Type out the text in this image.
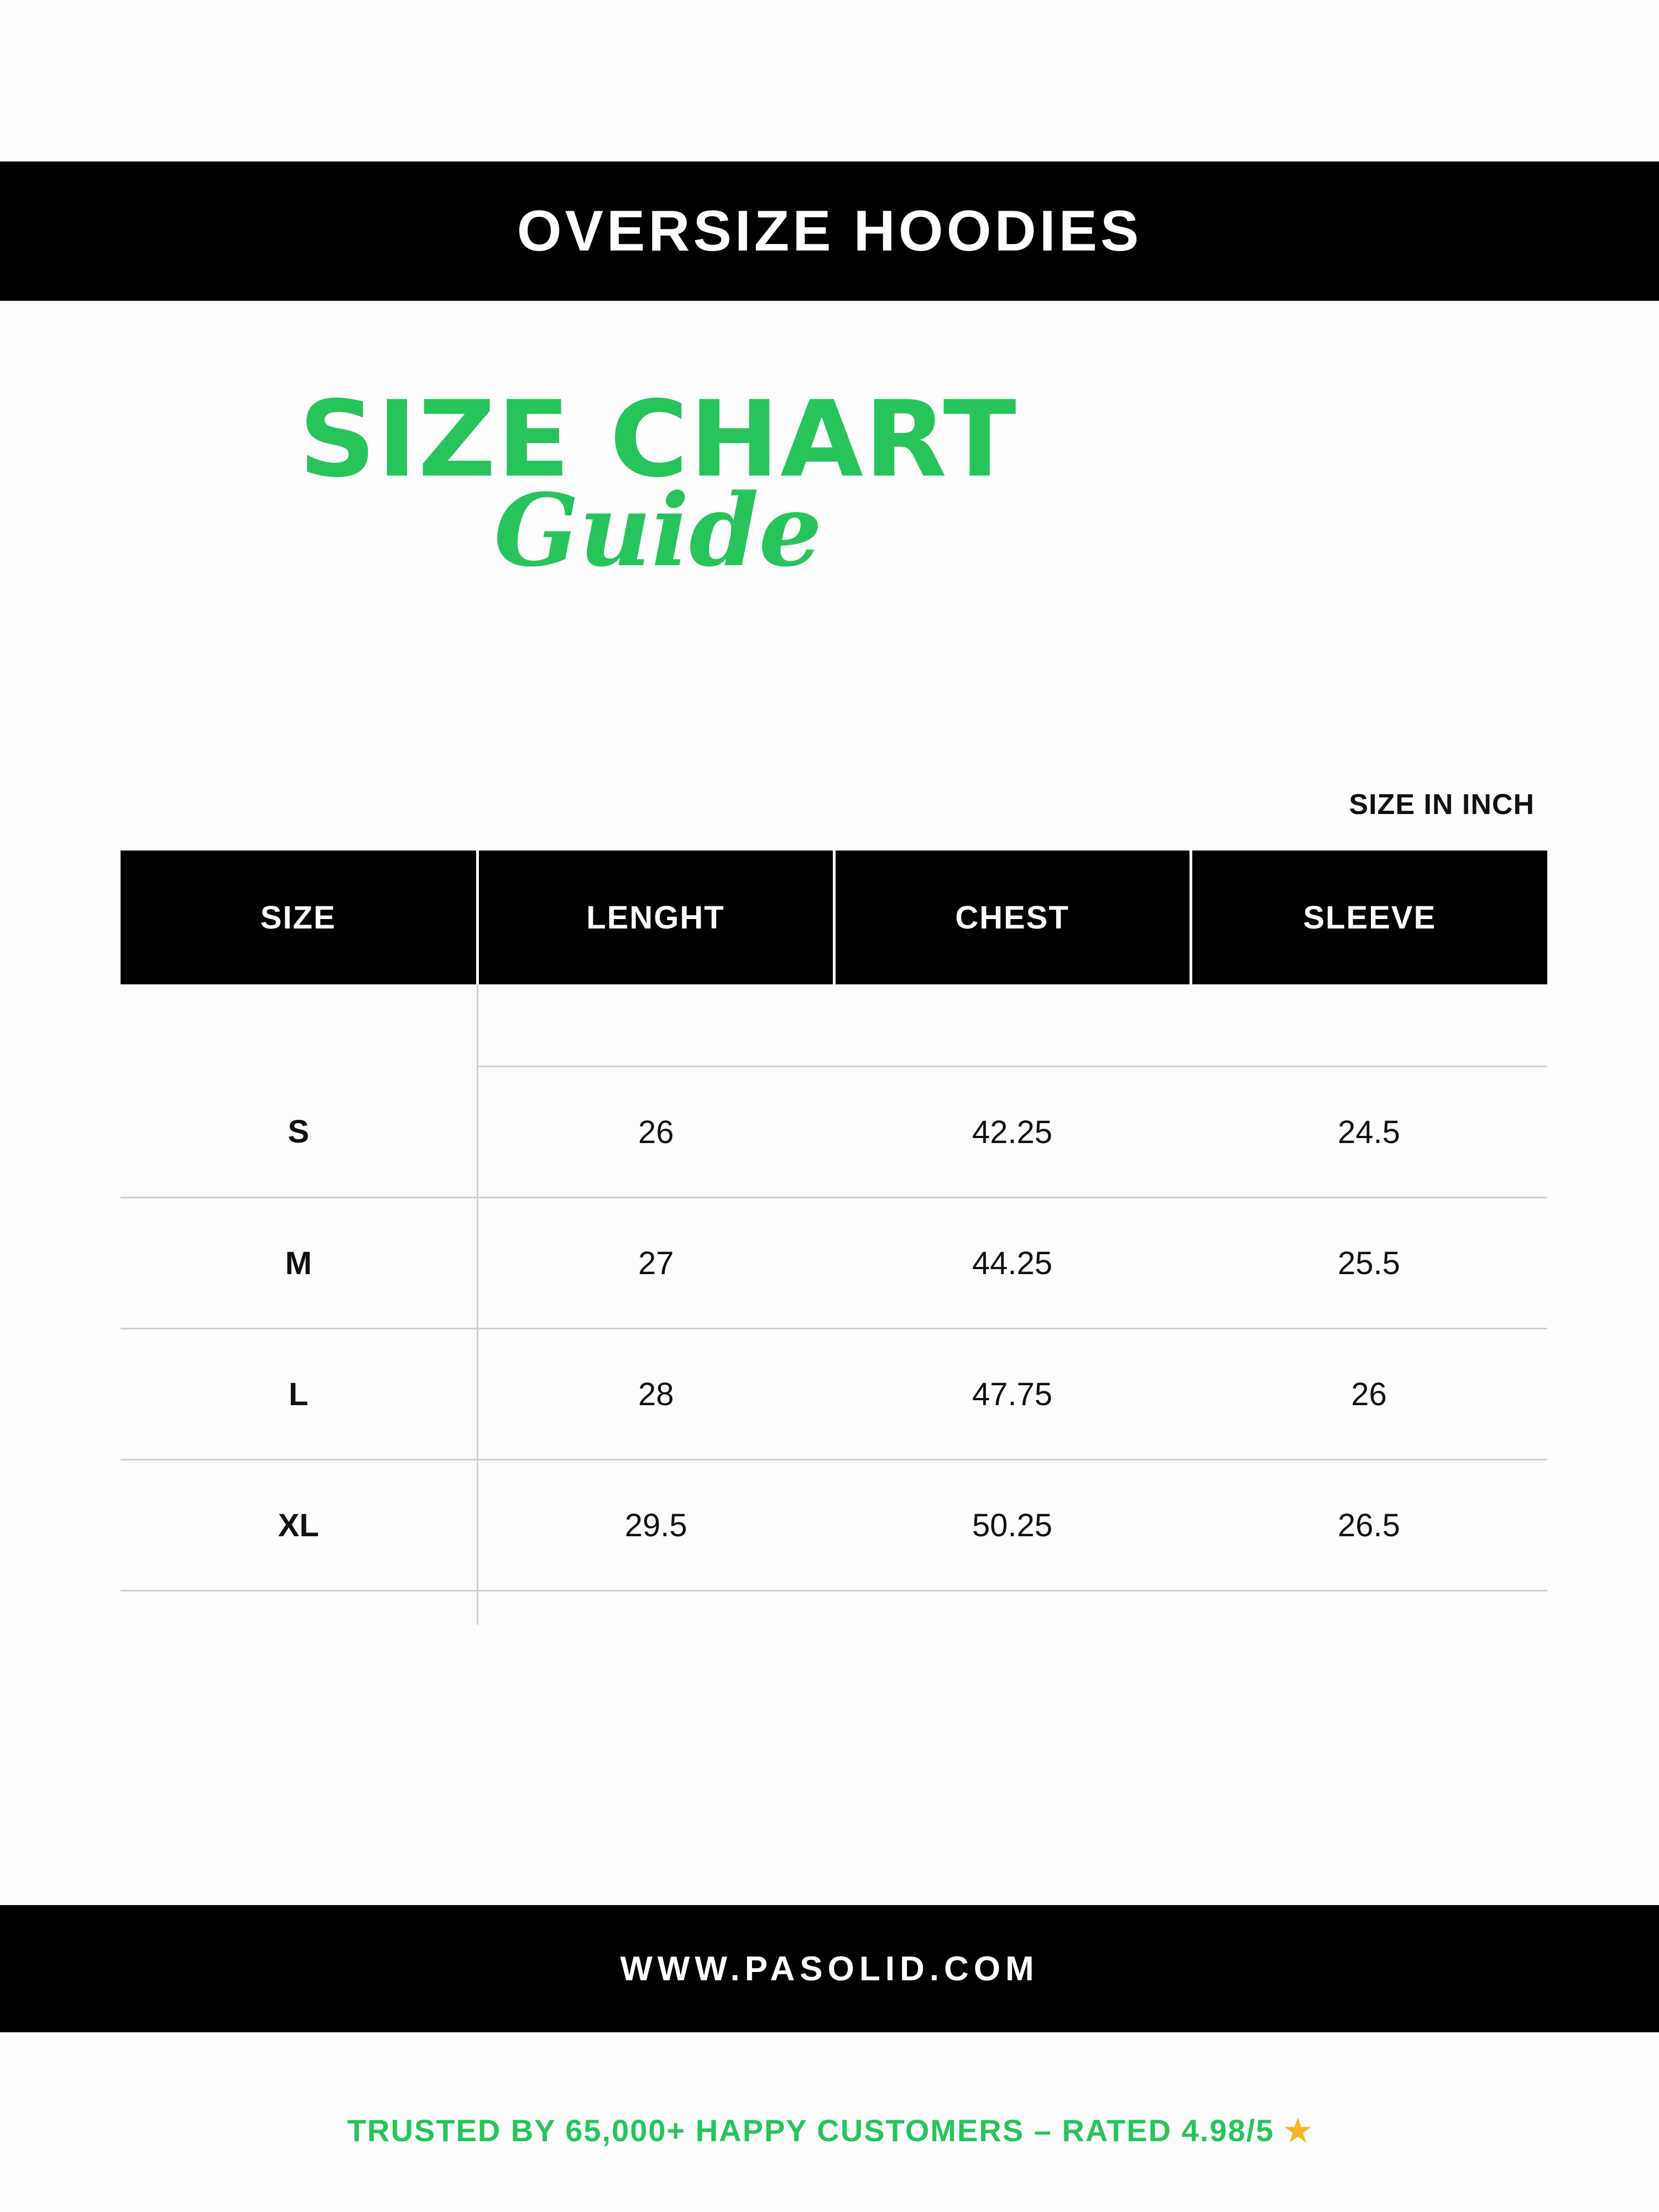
OVERSIZE HOODIES
SIZE CHART
Guide
SIZE IN INCH
SIZE	LENGHT	CHEST	SLEEVE

S	26	42.25	24.5
M	27	44.25	25.5
L	28	47.75	26
XL	29.5	50.25	26.5

WWW.PASOLID.COM
TRUSTED BY 65,000+ HAPPY CUSTOMERS – RATED 4.98/5 ★
